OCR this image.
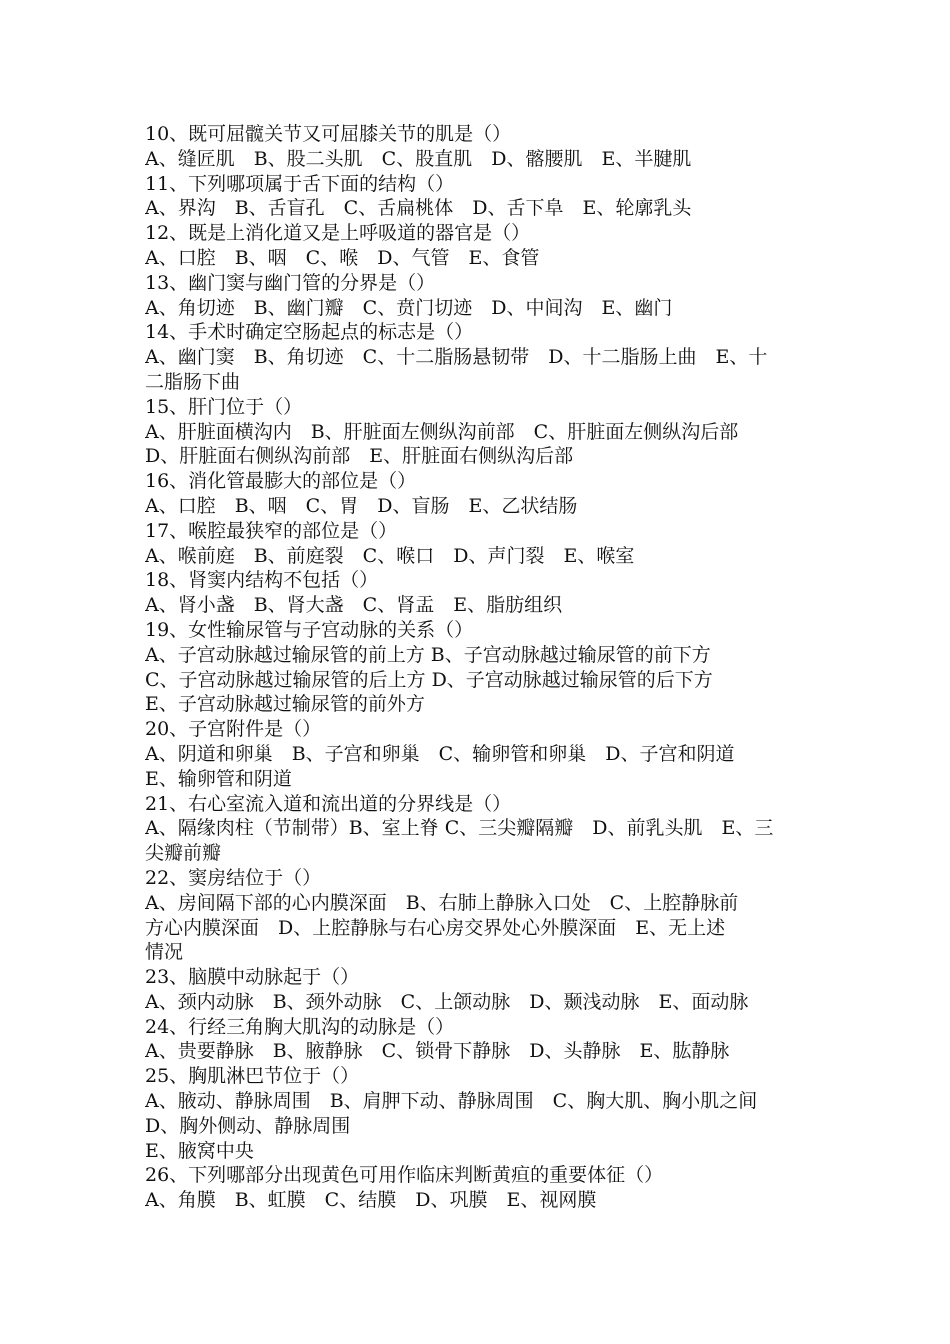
10、既可屈髋关节又可屈膝关节的肌是（）
A、缝匠肌　B、股二头肌　C、股直肌　D、髂腰肌　E、半腱肌
11、下列哪项属于舌下面的结构（）
A、界沟　B、舌盲孔　C、舌扁桃体　D、舌下阜　E、轮廓乳头
12、既是上消化道又是上呼吸道的器官是（）
A、口腔　B、咽　C、喉　D、气管　E、食管
13、幽门窦与幽门管的分界是（）
A、角切迹　B、幽门瓣　C、贲门切迹　D、中间沟　E、幽门
14、手术时确定空肠起点的标志是（）
A、幽门窦　B、角切迹　C、十二脂肠悬韧带　D、十二脂肠上曲　E、十
二脂肠下曲
15、肝门位于（）
A、肝脏面横沟内　B、肝脏面左侧纵沟前部　C、肝脏面左侧纵沟后部
D、肝脏面右侧纵沟前部　E、肝脏面右侧纵沟后部
16、消化管最膨大的部位是（）
A、口腔　B、咽　C、胃　D、盲肠　E、乙状结肠
17、喉腔最狭窄的部位是（）
A、喉前庭　B、前庭裂　C、喉口　D、声门裂　E、喉室
18、肾窦内结构不包括（）
A、肾小盏　B、肾大盏　C、肾盂　E、脂肪组织
19、女性输尿管与子宫动脉的关系（）
A、子宫动脉越过输尿管的前上方 B、子宫动脉越过输尿管的前下方
C、子宫动脉越过输尿管的后上方 D、子宫动脉越过输尿管的后下方
E、子宫动脉越过输尿管的前外方
20、子宫附件是（）
A、阴道和卵巢　B、子宫和卵巢　C、输卵管和卵巢　D、子宫和阴道
E、输卵管和阴道
21、右心室流入道和流出道的分界线是（）
A、隔缘肉柱（节制带）B、室上脊 C、三尖瓣隔瓣　D、前乳头肌　E、三
尖瓣前瓣
22、窦房结位于（）
A、房间隔下部的心内膜深面　B、右肺上静脉入口处　C、上腔静脉前
方心内膜深面　D、上腔静脉与右心房交界处心外膜深面　E、无上述
情况
23、脑膜中动脉起于（）
A、颈内动脉　B、颈外动脉　C、上颌动脉　D、颞浅动脉　E、面动脉
24、行经三角胸大肌沟的动脉是（）
A、贵要静脉　B、腋静脉　C、锁骨下静脉　D、头静脉　E、肱静脉
25、胸肌淋巴节位于（）
A、腋动、静脉周围　B、肩胛下动、静脉周围　C、胸大肌、胸小肌之间
D、胸外侧动、静脉周围
E、腋窝中央
26、下列哪部分出现黄色可用作临床判断黄疸的重要体征（）
A、角膜　B、虹膜　C、结膜　D、巩膜　E、视网膜
